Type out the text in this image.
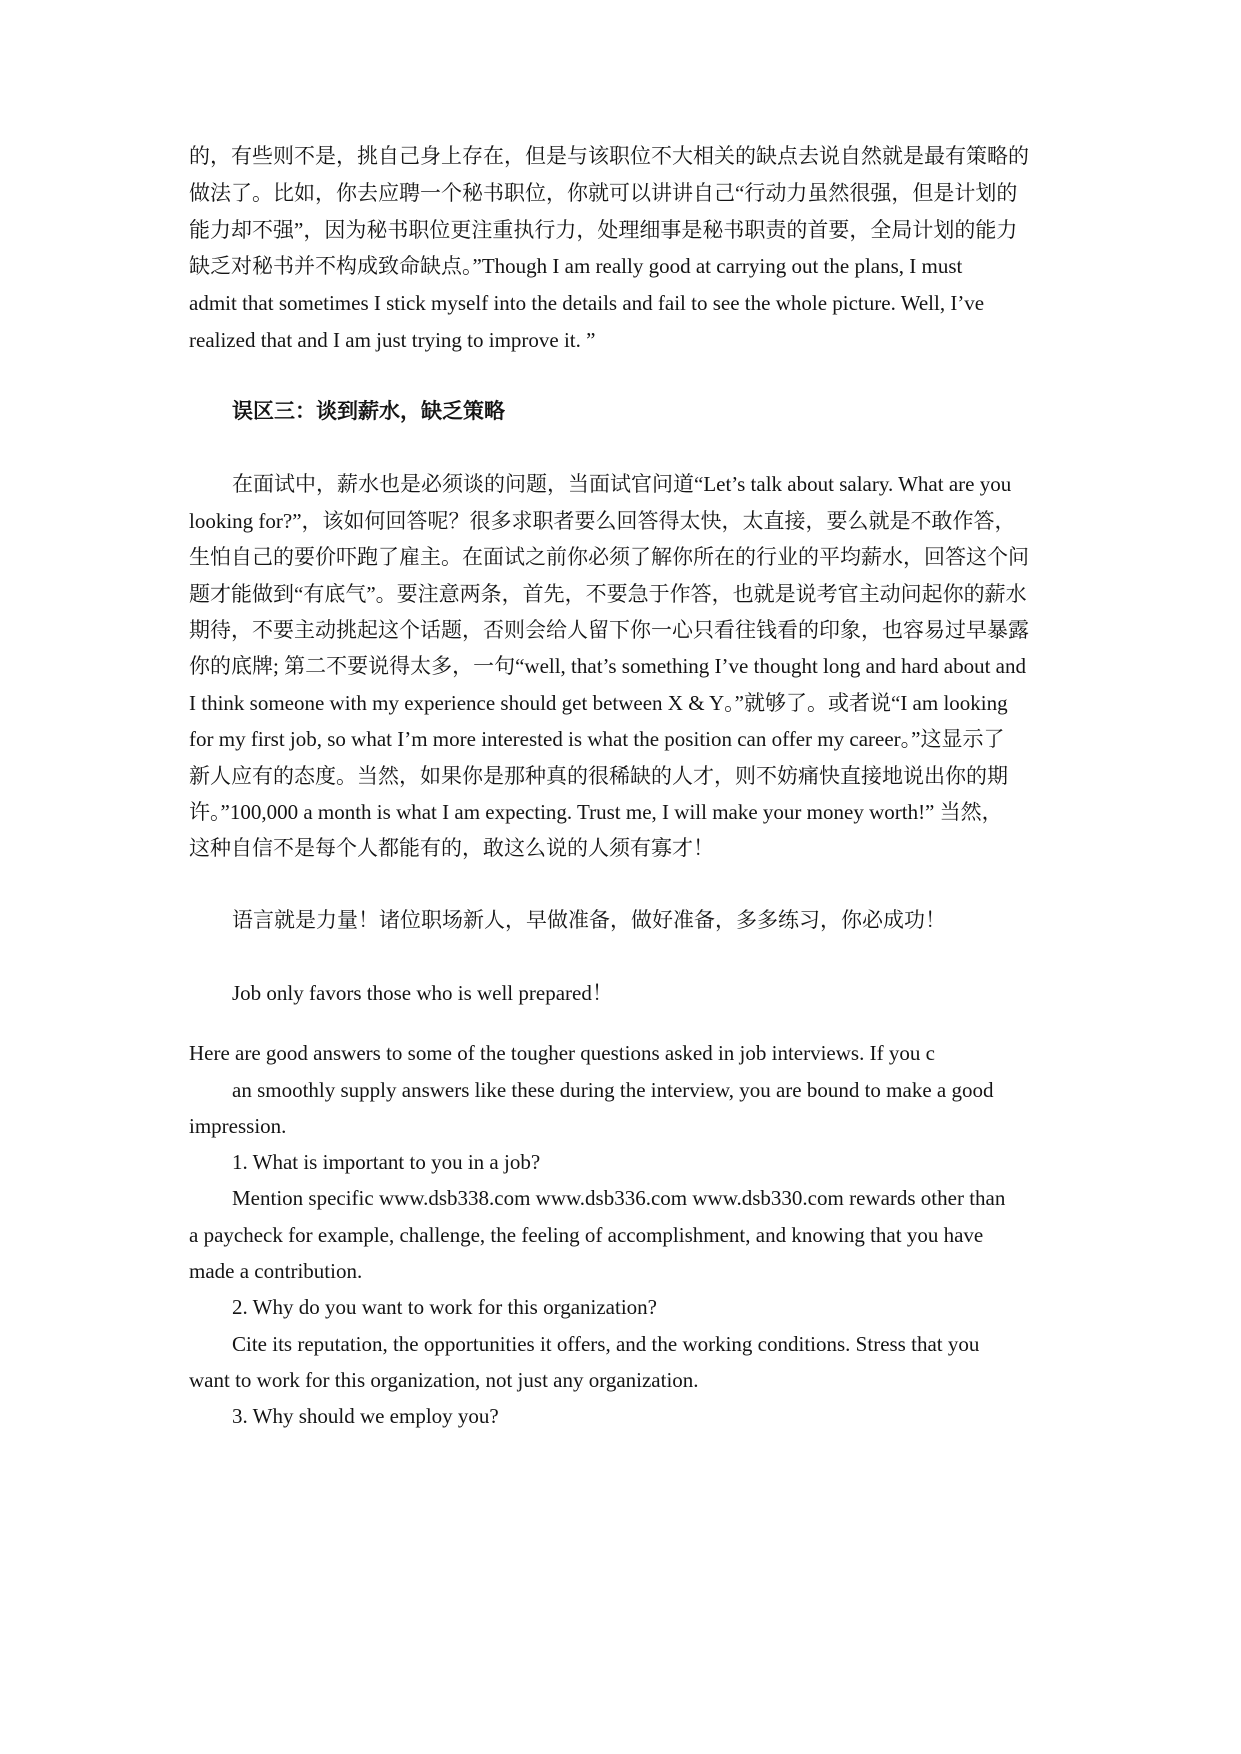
的，有些则不是，挑自己身上存在，但是与该职位不大相关的缺点去说自然就是最有策略的
做法了。比如，你去应聘一个秘书职位，你就可以讲讲自己“行动力虽然很强，但是计划的
能力却不强”，因为秘书职位更注重执行力，处理细事是秘书职责的首要，全局计划的能力
缺乏对秘书并不构成致命缺点。”Though I am really good at carrying out the plans, I must
admit that sometimes I stick myself into the details and fail to see the whole picture. Well, I’ve
realized that and I am just trying to improve it. ”
误区三：谈到薪水，缺乏策略
在面试中，薪水也是必须谈的问题，当面试官问道“Let’s talk about salary. What are you
looking for?”，该如何回答呢？很多求职者要么回答得太快，太直接，要么就是不敢作答，
生怕自己的要价吓跑了雇主。在面试之前你必须了解你所在的行业的平均薪水，回答这个问
题才能做到“有底气”。要注意两条，首先，不要急于作答，也就是说考官主动问起你的薪水
期待，不要主动挑起这个话题，否则会给人留下你一心只看往钱看的印象，也容易过早暴露
你的底牌; 第二不要说得太多，一句“well, that’s something I’ve thought long and hard about and
I think someone with my experience should get between X & Y。”就够了。或者说“I am looking
for my first job, so what I’m more interested is what the position can offer my career。”这显示了
新人应有的态度。当然，如果你是那种真的很稀缺的人才，则不妨痛快直接地说出你的期
许。”100,000 a month is what I am expecting. Trust me, I will make your money worth!” 当然，
这种自信不是每个人都能有的，敢这么说的人须有寡才！
语言就是力量！诸位职场新人，早做准备，做好准备，多多练习，你必成功！
Job only favors those who is well prepared！
Here are good answers to some of the tougher questions asked in job interviews. If you c
an smoothly supply answers like these during the interview, you are bound to make a good
impression.
1. What is important to you in a job?
Mention specific www.dsb338.com www.dsb336.com www.dsb330.com rewards other than
a paycheck for example, challenge, the feeling of accomplishment, and knowing that you have
made a contribution.
2. Why do you want to work for this organization?
Cite its reputation, the opportunities it offers, and the working conditions. Stress that you
want to work for this organization, not just any organization.
3. Why should we employ you?
